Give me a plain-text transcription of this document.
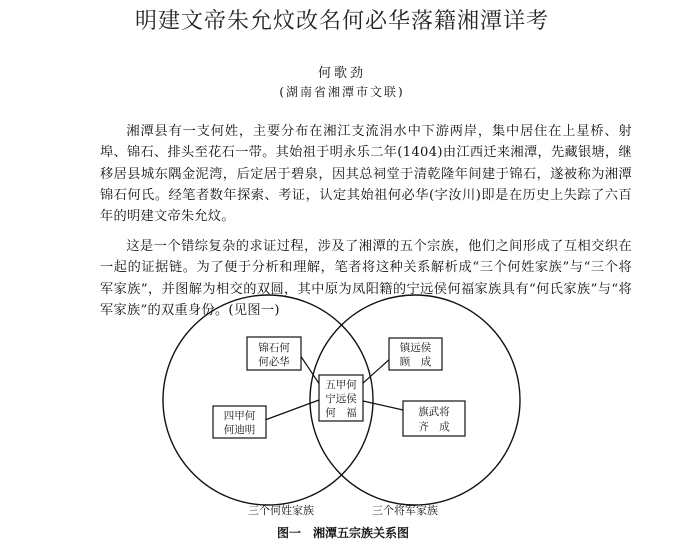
明建文帝朱允炆改名何必华落籍湘潭详考
何歌劲
(湖南省湘潭市文联)

湘潭县有一支何姓，主要分布在湘江支流涓水中下游两岸，集中居住在上星桥、射埠、锦石、排头至花石一带。其始祖于明永乐二年(1404)由江西迁来湘潭，先藏银塘，继移居县城东隅金泥湾，后定居于碧泉，因其总祠堂于清乾隆年间建于锦石，遂被称为湘潭锦石何氏。经笔者数年探索、考证，认定其始祖何必华(字汝川)即是在历史上失踪了六百年的明建文帝朱允炆。

这是一个错综复杂的求证过程，涉及了湘潭的五个宗族，他们之间形成了互相交织在一起的证据链。为了便于分析和理解，笔者将这种关系解析成“三个何姓家族”与“三个将军家族”，并图解为相交的双圆，其中原为凤阳籍的宁远侯何福家族具有“何氏家族”与“将军家族”的双重身份。(见图一)

锦石何
何必华
四甲何
何迪明
五甲何
宁远侯
何　福
镇远侯
顾　成
旗武将
齐　成
三个何姓家族	三个将军家族
图一　湘潭五宗族关系图
